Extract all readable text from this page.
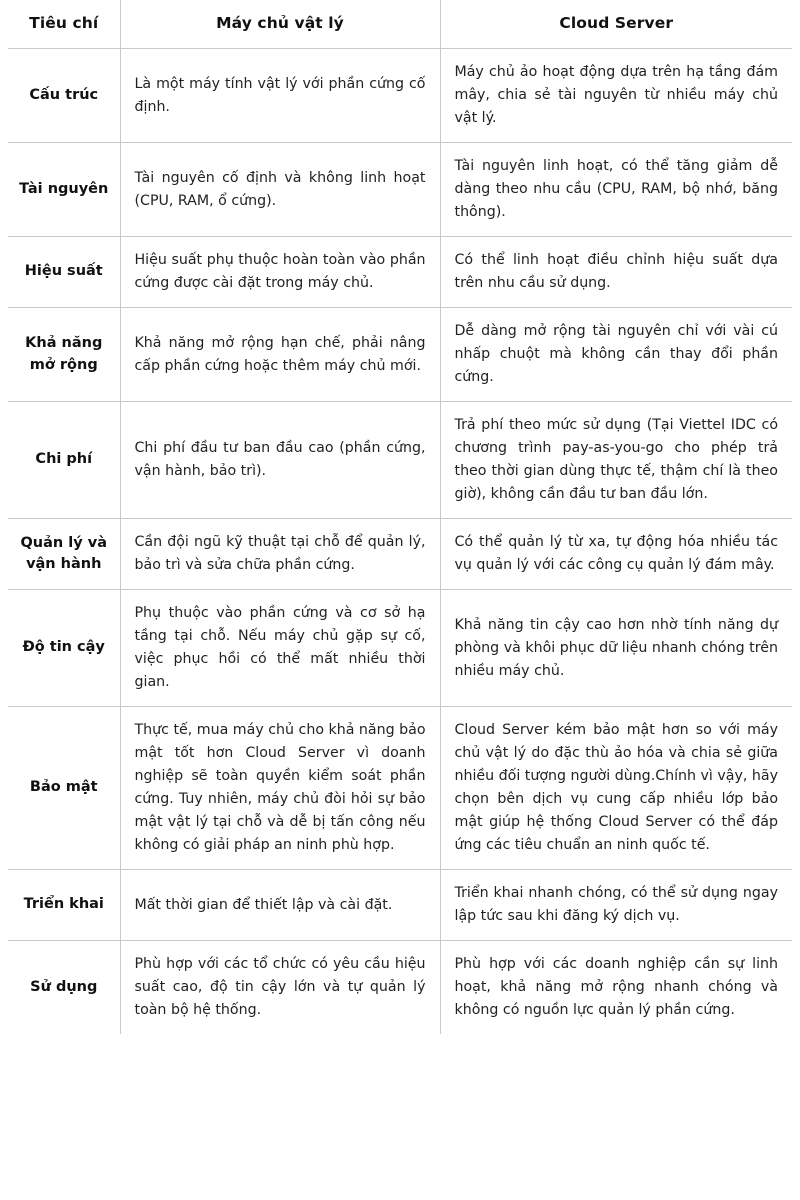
Tiêu chí	Máy chủ vật lý	Cloud Server
Cấu trúc	Là một máy tính vật lý với phần cứng cố định.	Máy chủ ảo hoạt động dựa trên hạ tầng đám mây, chia sẻ tài nguyên từ nhiều máy chủ vật lý.
Tài nguyên	Tài nguyên cố định và không linh hoạt (CPU, RAM, ổ cứng).	Tài nguyên linh hoạt, có thể tăng giảm dễ dàng theo nhu cầu (CPU, RAM, bộ nhớ, băng thông).
Hiệu suất	Hiệu suất phụ thuộc hoàn toàn vào phần cứng được cài đặt trong máy chủ.	Có thể linh hoạt điều chỉnh hiệu suất dựa trên nhu cầu sử dụng.
Khả năng mở rộng	Khả năng mở rộng hạn chế, phải nâng cấp phần cứng hoặc thêm máy chủ mới.	Dễ dàng mở rộng tài nguyên chỉ với vài cú nhấp chuột mà không cần thay đổi phần cứng.
Chi phí	Chi phí đầu tư ban đầu cao (phần cứng, vận hành, bảo trì).	Trả phí theo mức sử dụng (Tại Viettel IDC có chương trình pay-as-you-go cho phép trả theo thời gian dùng thực tế, thậm chí là theo giờ), không cần đầu tư ban đầu lớn.
Quản lý và vận hành	Cần đội ngũ kỹ thuật tại chỗ để quản lý, bảo trì và sửa chữa phần cứng.	Có thể quản lý từ xa, tự động hóa nhiều tác vụ quản lý với các công cụ quản lý đám mây.
Độ tin cậy	Phụ thuộc vào phần cứng và cơ sở hạ tầng tại chỗ. Nếu máy chủ gặp sự cố, việc phục hồi có thể mất nhiều thời gian.	Khả năng tin cậy cao hơn nhờ tính năng dự phòng và khôi phục dữ liệu nhanh chóng trên nhiều máy chủ.
Bảo mật	Thực tế, mua máy chủ cho khả năng bảo mật tốt hơn Cloud Server vì doanh nghiệp sẽ toàn quyền kiểm soát phần cứng. Tuy nhiên, máy chủ đòi hỏi sự bảo mật vật lý tại chỗ và dễ bị tấn công nếu không có giải pháp an ninh phù hợp.	Cloud Server kém bảo mật hơn so với máy chủ vật lý do đặc thù ảo hóa và chia sẻ giữa nhiều đối tượng người dùng.Chính vì vậy, hãy chọn bên dịch vụ cung cấp nhiều lớp bảo mật giúp hệ thống Cloud Server có thể đáp ứng các tiêu chuẩn an ninh quốc tế.
Triển khai	Mất thời gian để thiết lập và cài đặt.	Triển khai nhanh chóng, có thể sử dụng ngay lập tức sau khi đăng ký dịch vụ.
Sử dụng	Phù hợp với các tổ chức có yêu cầu hiệu suất cao, độ tin cậy lớn và tự quản lý toàn bộ hệ thống.	Phù hợp với các doanh nghiệp cần sự linh hoạt, khả năng mở rộng nhanh chóng và không có nguồn lực quản lý phần cứng.
